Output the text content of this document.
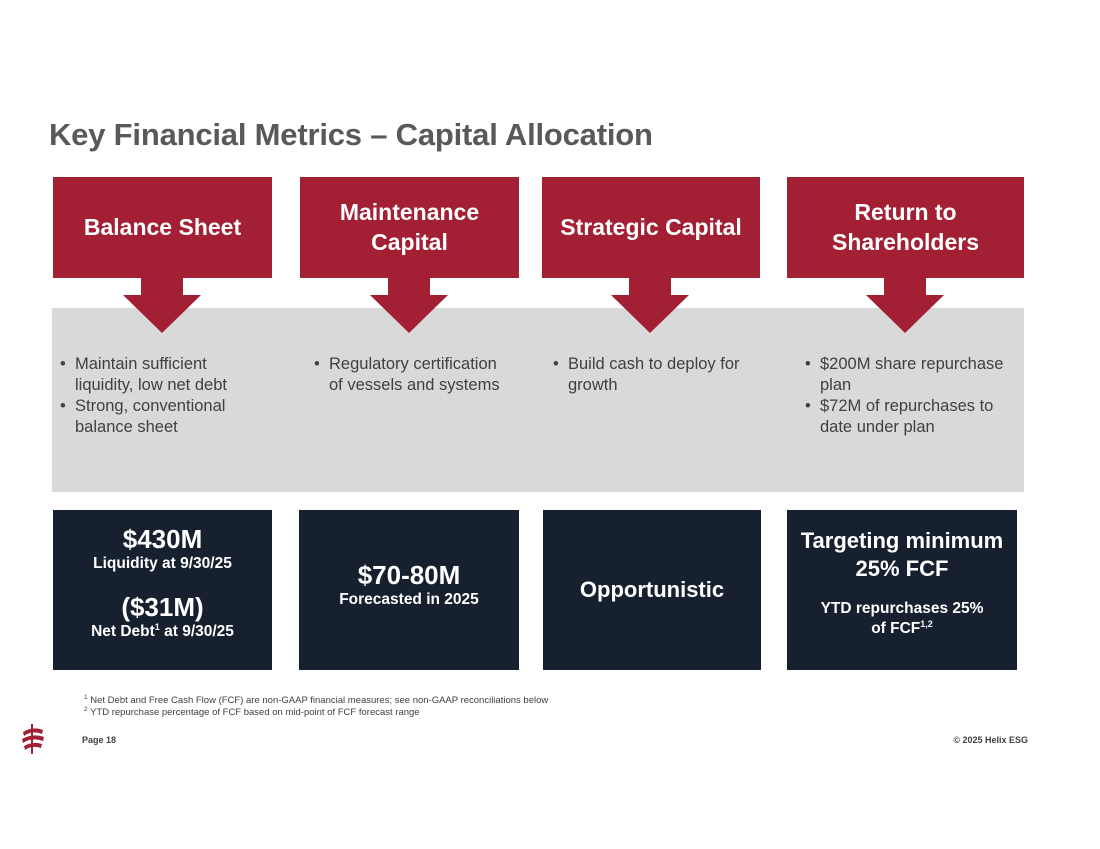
Key Financial Metrics – Capital Allocation
Balance Sheet
Maintenance Capital
Strategic Capital
Return to Shareholders
• Maintain sufficient liquidity, low net debt
• Strong, conventional balance sheet
• Regulatory certification of vessels and systems
• Build cash to deploy for growth
• $200M share repurchase plan
• $72M of repurchases to date under plan
$430M
Liquidity at 9/30/25
($31M)
Net Debt$^1$ at 9/30/25
$70-80M
Forecasted in 2025	Opportunistic
Targeting minimum 25% FCF
YTD repurchases 25% of FCF$^{1,2}$
$^1$ Net Debt and Free Cash Flow (FCF) are non-GAAP financial measures; see non-GAAP reconciliations below
$^2$ YTD repurchase percentage of FCF based on mid-point of FCF forecast range
Page 18	© 2025 Helix ESG
